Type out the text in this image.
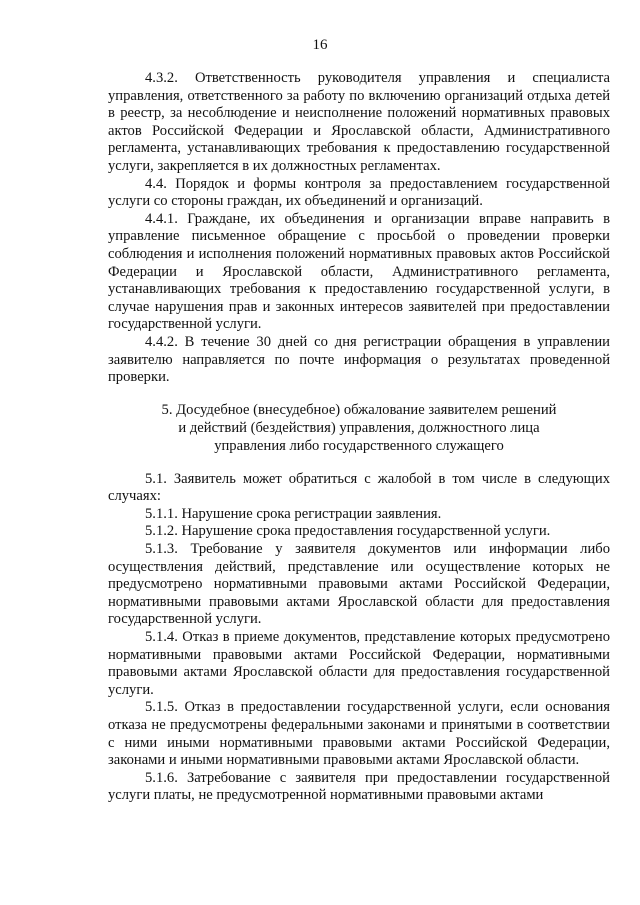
16

4.3.2. Ответственность руководителя управления и специалиста управления, ответственного за работу по включению организаций отдыха детей в реестр, за несоблюдение и неисполнение положений нормативных правовых актов Российской Федерации и Ярославской области, Административного регламента, устанавливающих требования к предоставлению государственной услуги, закрепляется в их должностных регламентах.

4.4. Порядок и формы контроля за предоставлением государственной услуги со стороны граждан, их объединений и организаций.

4.4.1. Граждане, их объединения и организации вправе направить в управление письменное обращение с просьбой о проведении проверки соблюдения и исполнения положений нормативных правовых актов Российской Федерации и Ярославской области, Административного регламента, устанавливающих требования к предоставлению государственной услуги, в случае нарушения прав и законных интересов заявителей при предоставлении государственной услуги.

4.4.2. В течение 30 дней со дня регистрации обращения в управлении заявителю направляется по почте информация о результатах проведенной проверки.

5. Досудебное (внесудебное) обжалование заявителем решений
и действий (бездействия) управления, должностного лица
управления либо государственного служащего

5.1. Заявитель может обратиться с жалобой в том числе в следующих случаях:

5.1.1. Нарушение срока регистрации заявления.

5.1.2. Нарушение срока предоставления государственной услуги.

5.1.3. Требование у заявителя документов или информации либо осуществления действий, представление или осуществление которых не предусмотрено нормативными правовыми актами Российской Федерации, нормативными правовыми актами Ярославской области для предоставления государственной услуги.

5.1.4. Отказ в приеме документов, представление которых предусмотрено нормативными правовыми актами Российской Федерации, нормативными правовыми актами Ярославской области для предоставления государственной услуги.

5.1.5. Отказ в предоставлении государственной услуги, если основания отказа не предусмотрены федеральными законами и принятыми в соответствии с ними иными нормативными правовыми актами Российской Федерации, законами и иными нормативными правовыми актами Ярославской области.

5.1.6. Затребование с заявителя при предоставлении государственной услуги платы, не предусмотренной нормативными правовыми актами
